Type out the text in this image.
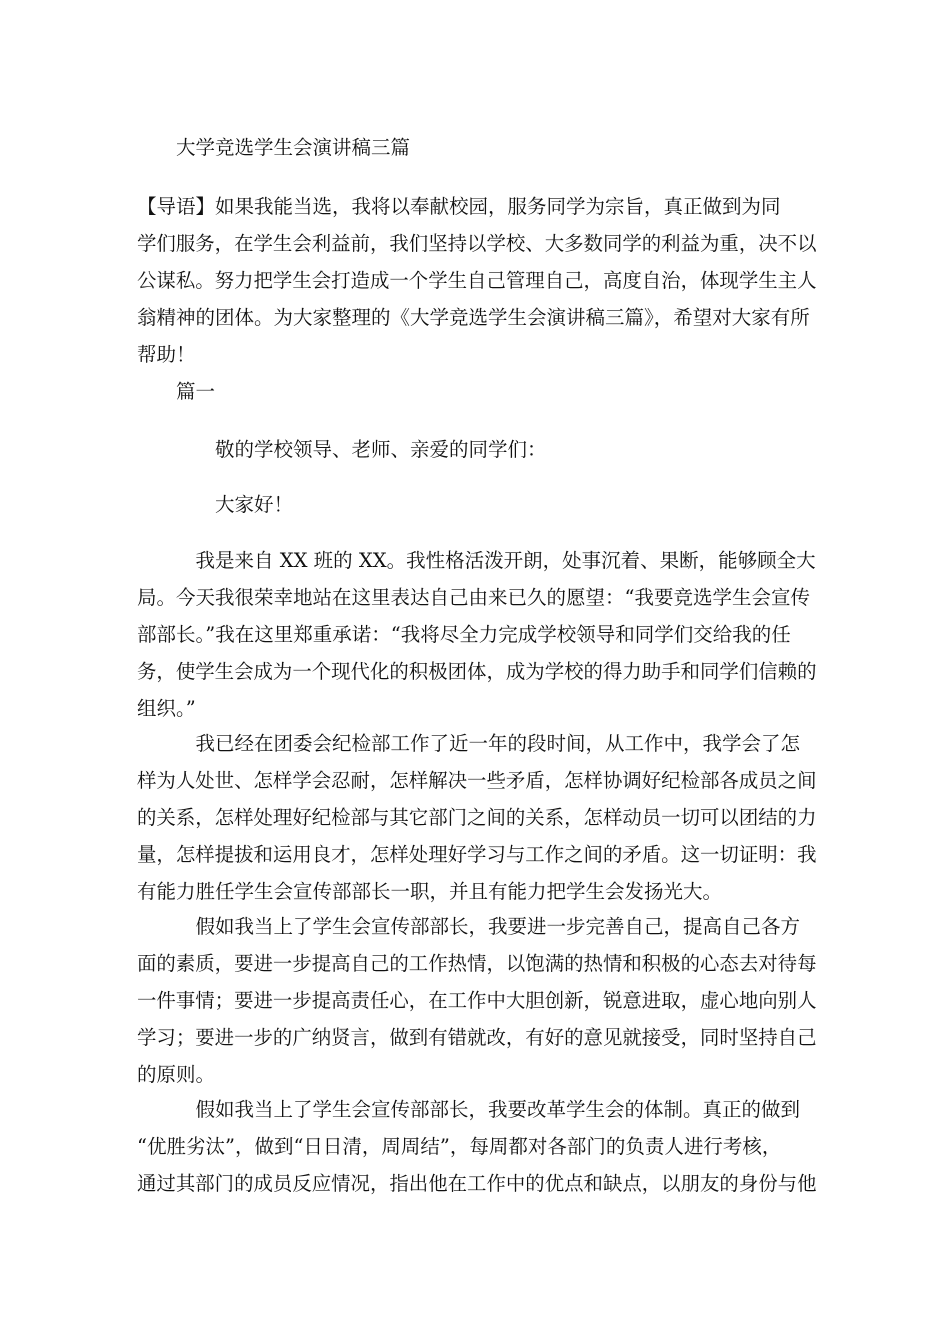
大学竞选学生会演讲稿三篇
【导语】如果我能当选，我将以奉献校园，服务同学为宗旨，真正做到为同
学们服务，在学生会利益前，我们坚持以学校、大多数同学的利益为重，决不以
公谋私。努力把学生会打造成一个学生自己管理自己，高度自治，体现学生主人
翁精神的团体。为大家整理的《大学竞选学生会演讲稿三篇》，希望对大家有所
帮助！
篇一
敬的学校领导、老师、亲爱的同学们：
大家好！
　　　我是来自 XX 班的 XX。我性格活泼开朗，处事沉着、果断，能够顾全大
局。今天我很荣幸地站在这里表达自己由来已久的愿望：“我要竞选学生会宣传
部部长。”我在这里郑重承诺：“我将尽全力完成学校领导和同学们交给我的任
务，使学生会成为一个现代化的积极团体，成为学校的得力助手和同学们信赖的
组织。”
　　　我已经在团委会纪检部工作了近一年的段时间，从工作中，我学会了怎
样为人处世、怎样学会忍耐，怎样解决一些矛盾，怎样协调好纪检部各成员之间
的关系，怎样处理好纪检部与其它部门之间的关系，怎样动员一切可以团结的力
量，怎样提拔和运用良才，怎样处理好学习与工作之间的矛盾。这一切证明：我
有能力胜任学生会宣传部部长一职，并且有能力把学生会发扬光大。
　　　假如我当上了学生会宣传部部长，我要进一步完善自己，提高自己各方
面的素质，要进一步提高自己的工作热情，以饱满的热情和积极的心态去对待每
一件事情；要进一步提高责任心，在工作中大胆创新，锐意进取，虚心地向别人
学习；要进一步的广纳贤言，做到有错就改，有好的意见就接受，同时坚持自己
的原则。
　　　假如我当上了学生会宣传部部长，我要改革学生会的体制。真正的做到
“优胜劣汰”，做到“日日清，周周结”，每周都对各部门的负责人进行考核，
通过其部门的成员反应情况，指出他在工作中的优点和缺点，以朋友的身份与他
